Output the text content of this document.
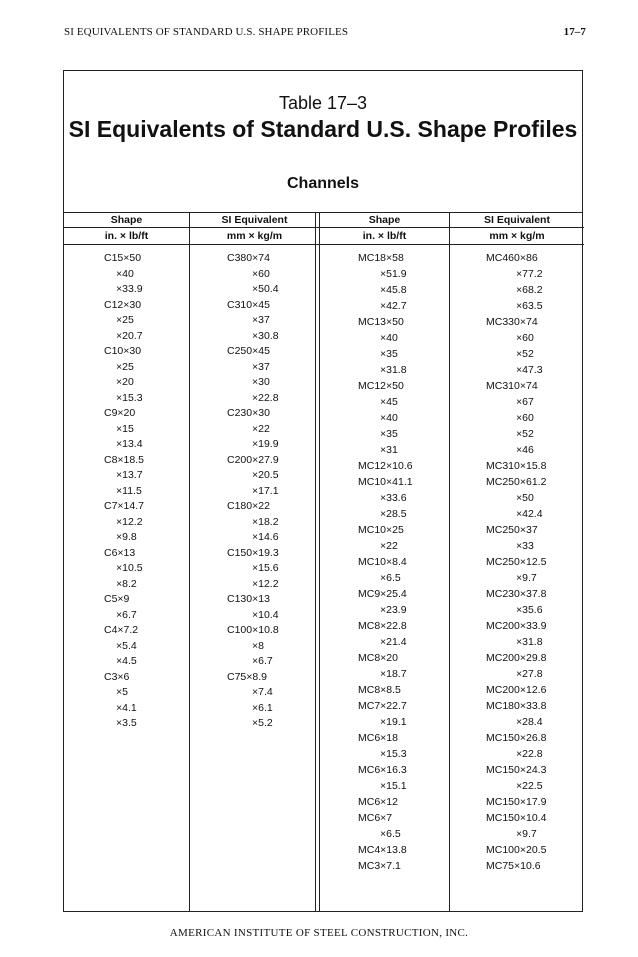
SI EQUIVALENTS OF STANDARD U.S. SHAPE PROFILES	17–7
Table 17–3
SI Equivalents of Standard U.S. Shape Profiles
Channels
Shape
in. × lb/ft
C15×50
×40
×33.9
C12×30
×25
×20.7
C10×30
×25
×20
×15.3
C9×20
×15
×13.4
C8×18.5
×13.7
×11.5
C7×14.7
×12.2
×9.8
C6×13
×10.5
×8.2
C5×9
×6.7
C4×7.2
×5.4
×4.5
C3×6
×5
×4.1
×3.5
SI Equivalent
mm × kg/m
C380×74
×60
×50.4
C310×45
×37
×30.8
C250×45
×37
×30
×22.8
C230×30
×22
×19.9
C200×27.9
×20.5
×17.1
C180×22
×18.2
×14.6
C150×19.3
×15.6
×12.2
C130×13
×10.4
C100×10.8
×8
×6.7
C75×8.9
×7.4
×6.1
×5.2
Shape
in. × lb/ft
MC18×58
×51.9
×45.8
×42.7
MC13×50
×40
×35
×31.8
MC12×50
×45
×40
×35
×31
MC12×10.6
MC10×41.1
×33.6
×28.5
MC10×25
×22
MC10×8.4
×6.5
MC9×25.4
×23.9
MC8×22.8
×21.4
MC8×20
×18.7
MC8×8.5
MC7×22.7
×19.1
MC6×18
×15.3
MC6×16.3
×15.1
MC6×12
MC6×7
×6.5
MC4×13.8
MC3×7.1
SI Equivalent
mm × kg/m
MC460×86
×77.2
×68.2
×63.5
MC330×74
×60
×52
×47.3
MC310×74
×67
×60
×52
×46
MC310×15.8
MC250×61.2
×50
×42.4
MC250×37
×33
MC250×12.5
×9.7
MC230×37.8
×35.6
MC200×33.9
×31.8
MC200×29.8
×27.8
MC200×12.6
MC180×33.8
×28.4
MC150×26.8
×22.8
MC150×24.3
×22.5
MC150×17.9
MC150×10.4
×9.7
MC100×20.5
MC75×10.6
AMERICAN INSTITUTE OF STEEL CONSTRUCTION, INC.
